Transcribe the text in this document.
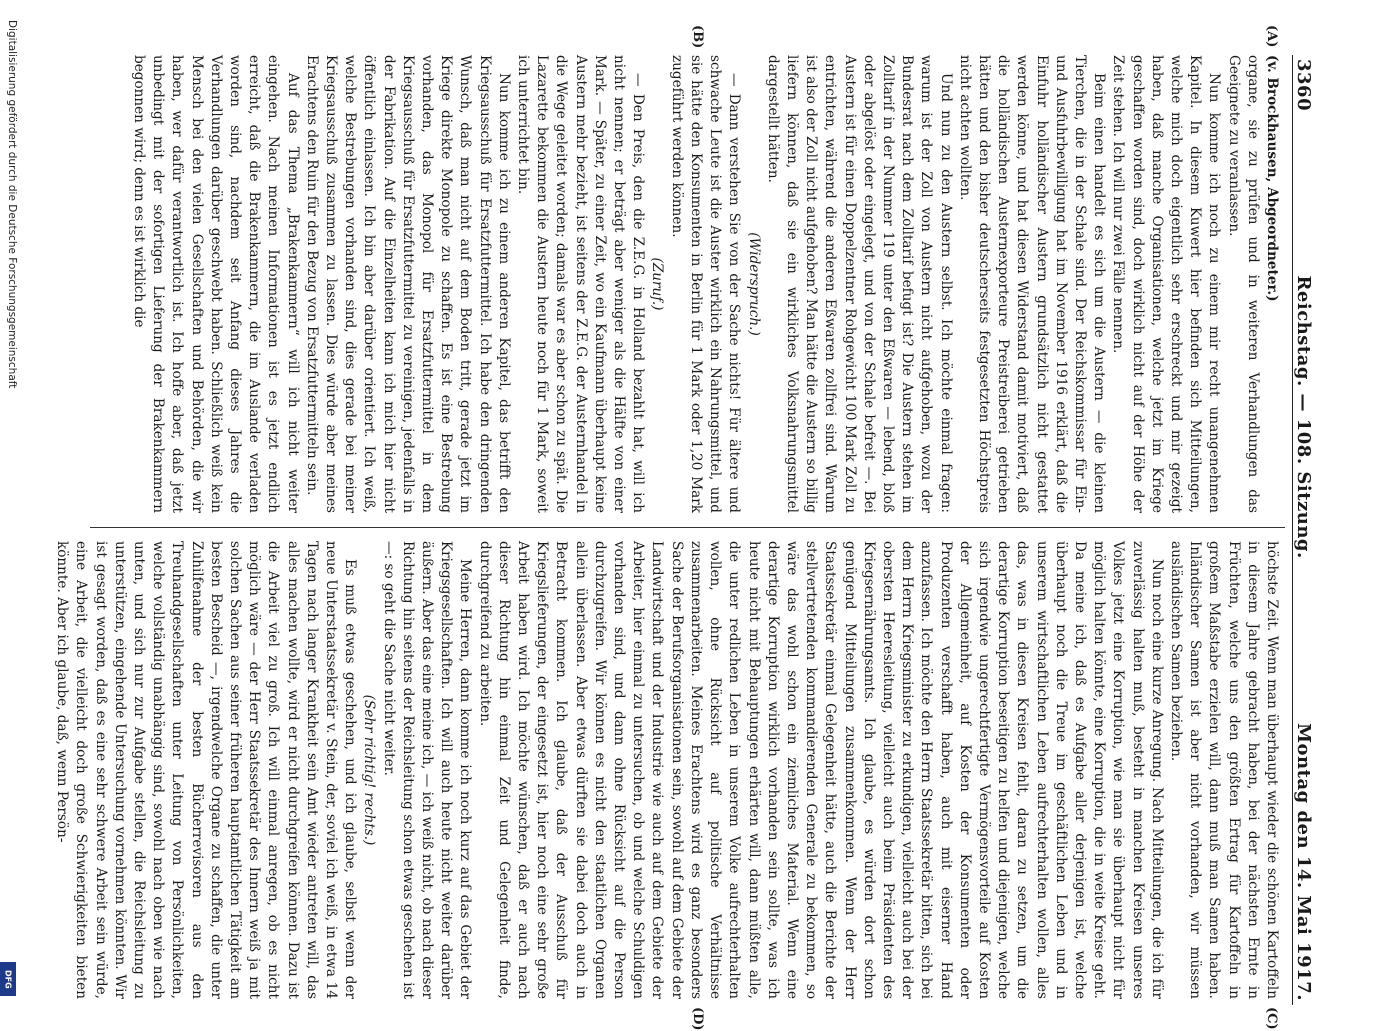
3360
Reichstag. — 108. Sitzung.
Montag den 14. Mai 1917.
(A)
(B)
(C)
(D)

(v. Brockhausen, Abgeordneter.)

organe, sie zu prüfen und in weiteren Verhandlungen das Geeignete zu veranlassen.

Nun komme ich noch zu einem mir recht unangenehmen Kapitel. In diesem Kuwert hier befinden sich Mitteilungen, welche mich doch eigentlich sehr erschreckt und mir gezeigt haben, daß manche Organisationen, welche jetzt im Kriege geschaffen worden sind, doch wirklich nicht auf der Höhe der Zeit stehen. Ich will nur zwei Fälle nennen.

Beim einen handelt es sich um die Austern — die kleinen Tierchen, die in der Schale sind. Der Reichskommissar für Ein- und Ausfuhrbewilligung hat im November 1916 erklärt, daß die Einfuhr holländischer Austern grundsätzlich nicht gestattet werden könne, und hat diesen Widerstand damit motiviert, daß die holländischen Austernexporteure Preistreiberei getrieben hätten und den bisher deutscherseits festgesetzten Höchstpreis nicht achten wollten.

Und nun zu den Austern selbst. Ich möchte einmal fragen: warum ist der Zoll von Austern nicht aufgehoben, wozu der Bundesrat nach dem Zolltarif befugt ist? Die Austern stehen im Zolltarif in der Nummer 119 unter den Eßwaren — lebend, bloß oder abgelöst oder eingelegt, und von der Schale befreit —. Bei Austern ist für einen Doppelzentner Rohgewicht 100 Mark Zoll zu entrichten, während die anderen Eßwaren zollfrei sind. Warum ist also der Zoll nicht aufgehoben? Man hätte die Austern so billig liefern können, daß sie ein wirkliches Volksnahrungsmittel dargestellt hätten.

(Widerspruch.)

— Dann verstehen Sie von der Sache nichts! Für ältere und schwache Leute ist die Auster wirklich ein Nahrungsmittel, und sie hätte den Konsumenten in Berlin für 1 Mark oder 1,20 Mark zugeführt werden können.

(Zuruf.)

— Den Preis, den die Z.E.G. in Holland bezahlt hat, will ich nicht nennen; er beträgt aber weniger als die Hälfte von einer Mark. — Später, zu einer Zeit, wo ein Kaufmann überhaupt keine Austern mehr bezieht, ist seitens der Z.E.G. der Austernhandel in die Wege geleitet worden; damals war es aber schon zu spät. Die Lazarette bekommen die Austern heute noch für 1 Mark, soweit ich unterrichtet bin.

Nun komme ich zu einem anderen Kapitel, das betrifft den Kriegsausschuß für Ersatzfuttermittel. Ich habe den dringenden Wunsch, daß man nicht auf dem Boden tritt, gerade jetzt im Kriege direkte Monopole zu schaffen. Es ist eine Bestrebung vorhanden, das Monopol für Ersatzfuttermittel in dem Kriegsausschuß für Ersatzfuttermittel zu vereinigen, jedenfalls in der Fabrikation. Auf die Einzelheiten kann ich mich hier nicht öffentlich einlassen. Ich bin aber darüber orientiert. Ich weiß, welche Bestrebungen vorhanden sind, dies gerade bei meiner Kriegsausschuß zusammen zu lassen. Dies würde aber meines Erachtens den Ruin für den Bezug von Ersatzfuttermitteln sein.

Auf das Thema „Brakenkammern“ will ich nicht weiter eingehen. Nach meinen Informationen ist es jetzt endlich erreicht, daß die Brakenkammern, die im Auslande verladen worden sind, nachdem seit Anfang dieses Jahres die Verhandlungen darüber geschwebt haben. Schließlich weiß kein Mensch bei den vielen Gesellschaften und Behörden, die wir haben, wer dafür verantwortlich ist. Ich hoffe aber, daß jetzt unbedingt mit der sofortigen Lieferung der Brakenkammern begonnen wird; denn es ist wirklich die

höchste Zeit. Wenn man überhaupt wieder die schönen Kartoffeln in diesem Jahre gebracht haben, bei der nächsten Ernte in Früchten, welche uns den größten Ertrag für Kartoffeln in großem Maßstabe erzielen will, dann muß man Samen haben. Inländischer Samen ist aber nicht vorhanden, wir müssen ausländischen Samen beziehen.

Nun noch eine kurze Anregung. Nach Mitteilungen, die ich für zuverlässig halten muß, besteht in manchen Kreisen unseres Volkes jetzt eine Korruption, wie man sie überhaupt nicht für möglich halten könnte, eine Korruption, die in weite Kreise geht. Da meine ich, daß es Aufgabe aller derjenigen ist, welche überhaupt noch die Treue im geschäftlichen Leben und in unserem wirtschaftlichen Leben aufrechterhalten wollen, alles das, was in diesen Kreisen fehlt, daran zu setzen, um die derartige Korruption beseitigen zu helfen und diejenigen, welche sich irgendwie ungerechtfertigte Vermögensvorteile auf Kosten der Allgemeinheit, auf Kosten der Konsumenten oder Produzenten verschafft haben, auch mit eiserner Hand anzufassen. Ich möchte den Herrn Staatssekretär bitten, sich bei dem Herrn Kriegsminister zu erkundigen, vielleicht auch bei der obersten Heeresleitung, vielleicht auch beim Präsidenten des Kriegsernährungsamts. Ich glaube, es würden dort schon genügend Mitteilungen zusammenkommen. Wenn der Herr Staatssekretär einmal Gelegenheit hätte, auch die Berichte der stellvertretenden kommandierenden Generale zu bekommen, so wäre das wohl schon ein ziemliches Material. Wenn eine derartige Korruption wirklich vorhanden sein sollte, was ich heute nicht mit Behauptungen erhärten will, dann müßten alle, die unter redlichen Leben in unserem Volke aufrechterhalten wollen, ohne Rücksicht auf politische Verhältnisse zusammenarbeiten. Meines Erachtens wird es ganz besonders Sache der Berufsorganisationen sein, sowohl auf dem Gebiete der Landwirtschaft und der Industrie wie auch auf dem Gebiete der Arbeiter, hier einmal zu untersuchen, ob und welche Schuldigen vorhanden sind, und dann ohne Rücksicht auf die Person durchzugreifen. Wir können es nicht den staatlichen Organen allein überlassen. Aber etwas dürften sie dabei doch auch in Betracht kommen. Ich glaube, daß der Ausschuß für Kriegslieferungen, der eingesetzt ist, hier noch eine sehr große Arbeit haben wird. Ich möchte wünschen, daß er auch nach dieser Richtung hin einmal Zeit und Gelegenheit finde, durchgreifend zu arbeiten.

Meine Herren, dann komme ich noch kurz auf das Gebiet der Kriegsgesellschaften. Ich will auch heute nicht weiter darüber äußern. Aber das eine meine ich, — ich weiß nicht, ob nach dieser Richtung hin seitens der Reichsleitung schon etwas geschehen ist —: so geht die Sache nicht weiter.

(Sehr richtig! rechts.)

Es muß etwas geschehen, und ich glaube, selbst wenn der neue Unterstaatssekretär v. Stein, der, soviel ich weiß, in etwa 14 Tagen nach langer Krankheit sein Amt wieder antreten will, das alles machen wollte, wird er nicht durchgreifen können. Dazu ist die Arbeit viel zu groß. Ich will einmal anregen, ob es nicht möglich wäre — der Herr Staatssekretär des Innern weiß ja mit solchen Sachen aus seiner früheren hauptamtlichen Tätigkeit am besten Bescheid —, irgendwelche Organe zu schaffen, die unter Zuhilfenahme der besten Bücherrevisoren aus den Treuhandgesellschaften unter Leitung von Persönlichkeiten, welche vollständig unabhängig sind, sowohl nach oben wie nach unten, und sich nur zur Aufgabe stellen, die Reichsleitung zu unterstützen, eingehende Untersuchung vornehmen könnten. Wir ist gesagt worden, daß es eine sehr schwere Arbeit sein würde, eine Arbeit, die vielleicht doch große Schwierigkeiten bieten könnte. Aber ich glaube, daß, wenn Persön-

Digitalisierung gefördert durch die Deutsche Forschungsgemeinschaft
DFG
